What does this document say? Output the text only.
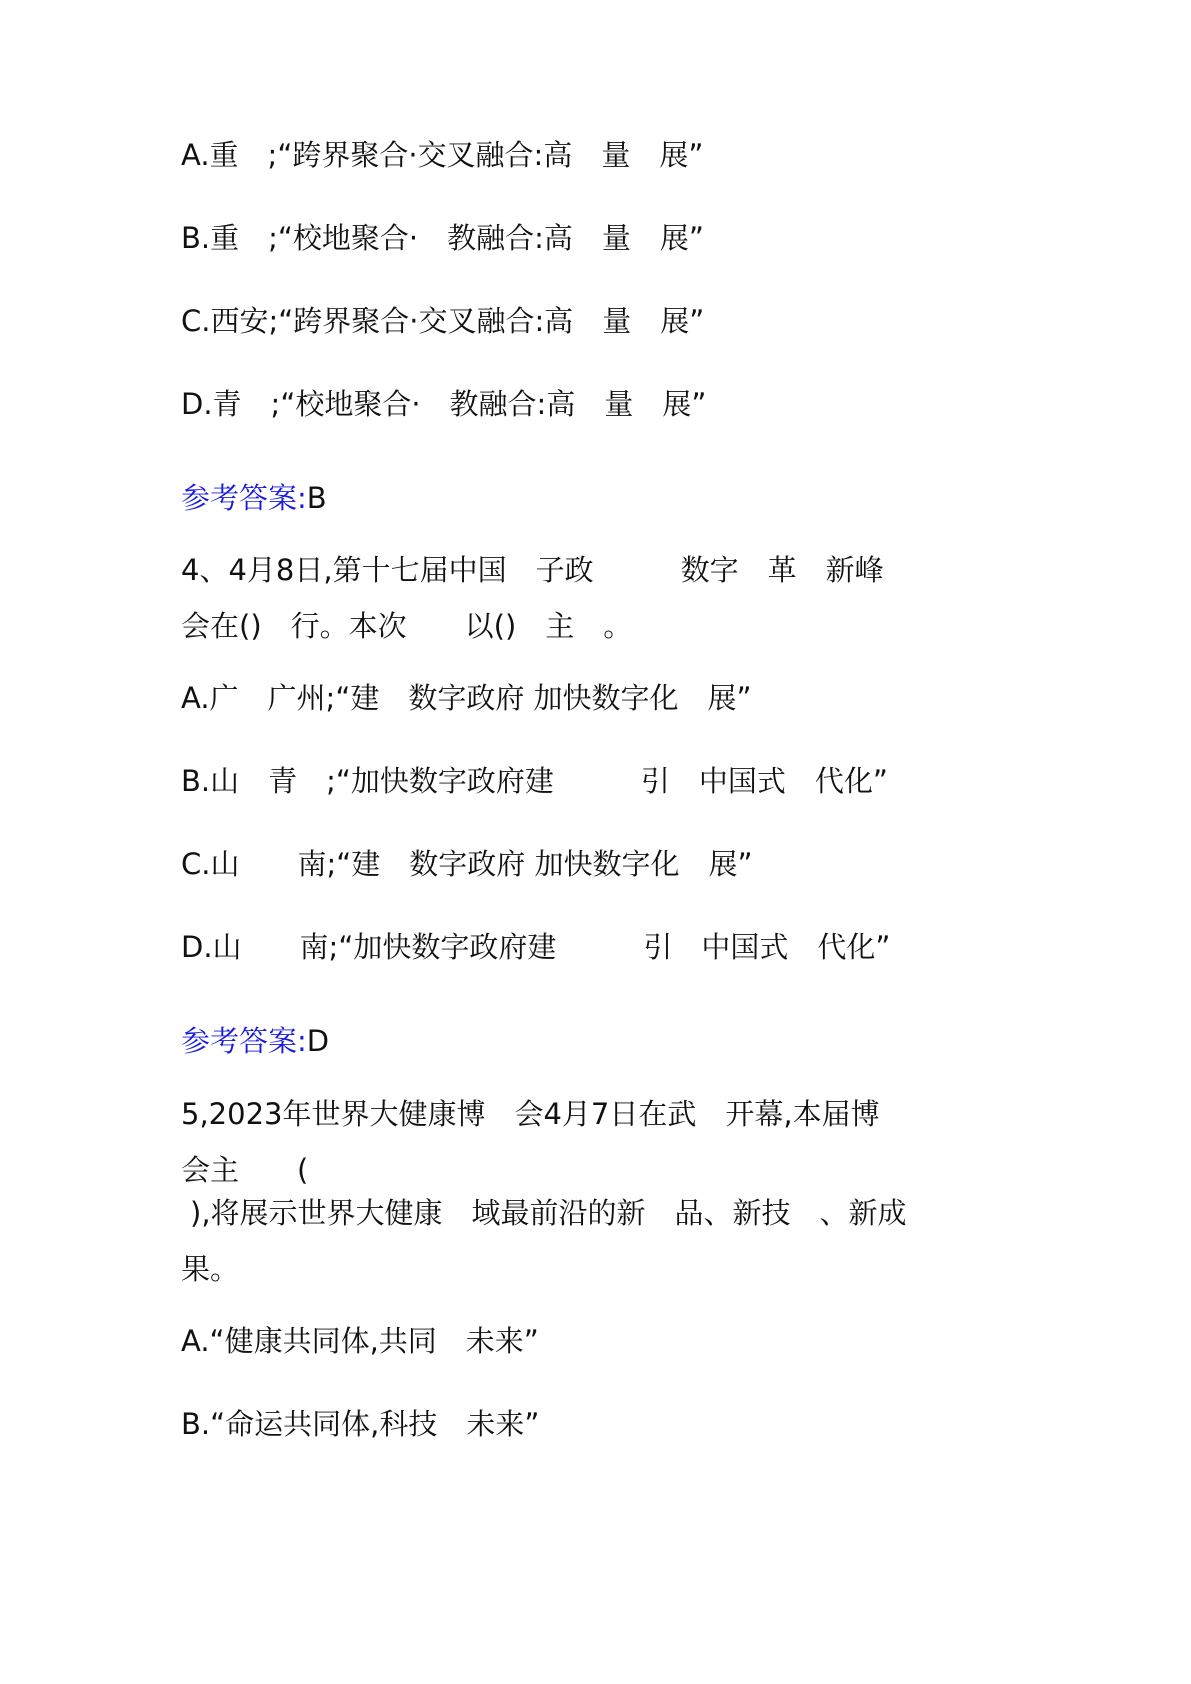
A.重　;“跨界聚合·交叉融合:高　量　展”
B.重　;“校地聚合·　教融合:高　量　展”
C.西安;“跨界聚合·交叉融合:高　量　展”
D.青　;“校地聚合·　教融合:高　量　展”
参考答案:B
4、4月8日,第十七届中国　子政　　　数字　革　新峰
会在()　行。本次　　以()　主　。
A.广　广州;“建　数字政府 加快数字化　展”
B.山　青　;“加快数字政府建　　　引　中国式　代化”
C.山　　南;“建　数字政府 加快数字化　展”
D.山　　南;“加快数字政府建　　　引　中国式　代化”
参考答案:D
5,2023年世界大健康博　会4月7日在武　开幕,本届博
会主　　(
),将展示世界大健康　域最前沿的新　品、新技　、新成
果。
A.“健康共同体,共同　未来”
B.“命运共同体,科技　未来”
